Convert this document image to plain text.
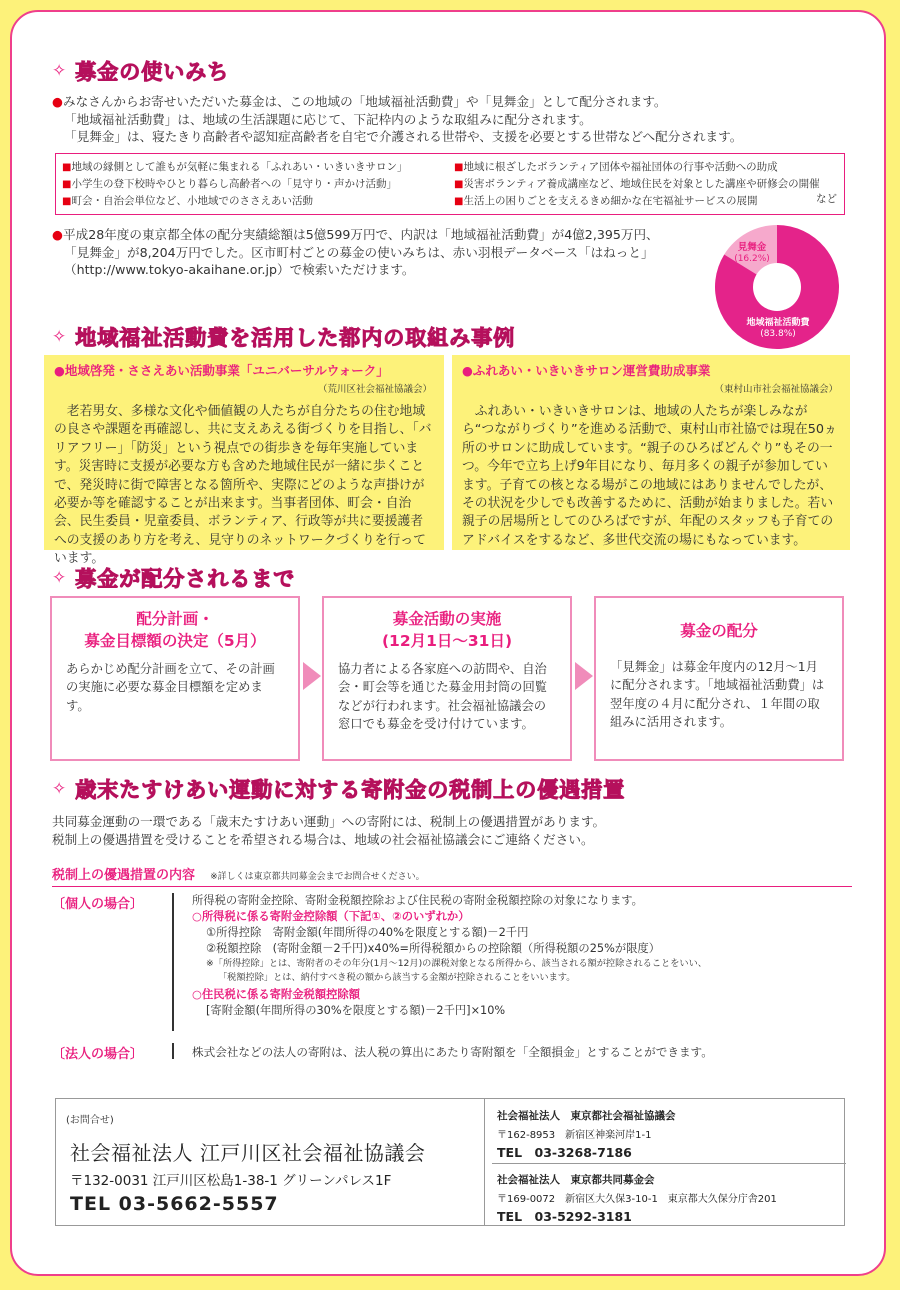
✧ 募金の使いみち
●みなさんからお寄せいただいた募金は、この地域の「地域福祉活動費」や「見舞金」として配分されます。
「地域福祉活動費」は、地域の生活課題に応じて、下記枠内のような取組みに配分されます。
「見舞金」は、寝たきり高齢者や認知症高齢者を自宅で介護される世帯や、支援を必要とする世帯などへ配分されます。
■地域の縁側として誰もが気軽に集まれる「ふれあい・いきいきサロン」
■小学生の登下校時やひとり暮らし高齢者への「見守り・声かけ活動」
■町会・自治会単位など、小地域でのささえあい活動
■地域に根ざしたボランティア団体や福祉団体の行事や活動への助成
■災害ボランティア養成講座など、地域住民を対象とした講座や研修会の開催
■生活上の困りごとを支えるきめ細かな在宅福祉サービスの展開	など
●平成28年度の東京都全体の配分実績総額は5億599万円で、内訳は「地域福祉活動費」が4億2,395万円、
「見舞金」が8,204万円でした。区市町村ごとの募金の使いみちは、赤い羽根データベース「はねっと」
（http://www.tokyo-akaihane.or.jp）で検索いただけます。
見舞金
(16.2%)
地域福祉活動費
(83.8%)
✧ 地域福祉活動費を活用した都内の取組み事例
●地域啓発・ささえあい活動事業「ユニバーサルウォーク」
（荒川区社会福祉協議会）
老若男女、多様な文化や価値観の人たちが自分たちの住む地域の良さや課題を再確認し、共に支えあえる街づくりを目指し、「バリアフリー」「防災」という視点での街歩きを毎年実施しています。災害時に支援が必要な方も含めた地域住民が一緒に歩くことで、発災時に街で障害となる箇所や、実際にどのような声掛けが必要か等を確認することが出来ます。当事者団体、町会・自治会、民生委員・児童委員、ボランティア、行政等が共に要援護者への支援のあり方を考え、見守りのネットワークづくりを行っています。
●ふれあい・いきいきサロン運営費助成事業
（東村山市社会福祉協議会）
ふれあい・いきいきサロンは、地域の人たちが楽しみながら“つながりづくり”を進める活動で、東村山市社協では現在50ヵ所のサロンに助成しています。“親子のひろばどんぐり”もその一つ。今年で立ち上げ9年目になり、毎月多くの親子が参加しています。子育ての核となる場がこの地域にはありませんでしたが、その状況を少しでも改善するために、活動が始まりました。若い親子の居場所としてのひろばですが、年配のスタッフも子育てのアドバイスをするなど、多世代交流の場にもなっています。
✧ 募金が配分されるまで
配分計画・
募金目標額の決定（5月）
あらかじめ配分計画を立て、その計画の実施に必要な募金目標額を定めます。
募金活動の実施
(12月1日～31日)
協力者による各家庭への訪問や、自治会・町会等を通じた募金用封筒の回覧などが行われます。社会福祉協議会の窓口でも募金を受け付けています。
募金の配分
「見舞金」は募金年度内の12月～1月に配分されます。「地域福祉活動費」は翌年度の４月に配分され、１年間の取組みに活用されます。
✧ 歳末たすけあい運動に対する寄附金の税制上の優遇措置
共同募金運動の一環である「歳末たすけあい運動」への寄附には、税制上の優遇措置があります。
税制上の優遇措置を受けることを希望される場合は、地域の社会福祉協議会にご連絡ください。
税制上の優遇措置の内容 ※詳しくは東京都共同募金会までお問合せください。
〔個人の場合〕	所得税の寄附金控除、寄附金税額控除および住民税の寄附金税額控除の対象になります。
○所得税に係る寄附金控除額（下記①、②のいずれか）
①所得控除　寄附金額(年間所得の40%を限度とする額)－2千円
②税額控除　(寄附金額－2千円)x40%=所得税額からの控除額（所得税額の25%が限度）
※「所得控除」とは、寄附者のその年分(1月～12月)の課税対象となる所得から、該当される額が控除されることをいい、
「税額控除」とは、納付すべき税の額から該当する金額が控除されることをいいます。
○住民税に係る寄附金税額控除額
[寄附金額(年間所得の30%を限度とする額)－2千円]×10%
〔法人の場合〕	株式会社などの法人の寄附は、法人税の算出にあたり寄附額を「全額損金」とすることができます。
(お問合せ)
社会福祉法人 江戸川区社会福祉協議会
〒132-0031 江戸川区松島1-38-1 グリーンパレス1F
TEL 03-5662-5557
社会福祉法人　東京都社会福祉協議会
〒162-8953　新宿区神楽河岸1-1
TEL　03-3268-7186
社会福祉法人　東京都共同募金会
〒169-0072　新宿区大久保3-10-1　東京都大久保分庁舎201
TEL　03-5292-3181
